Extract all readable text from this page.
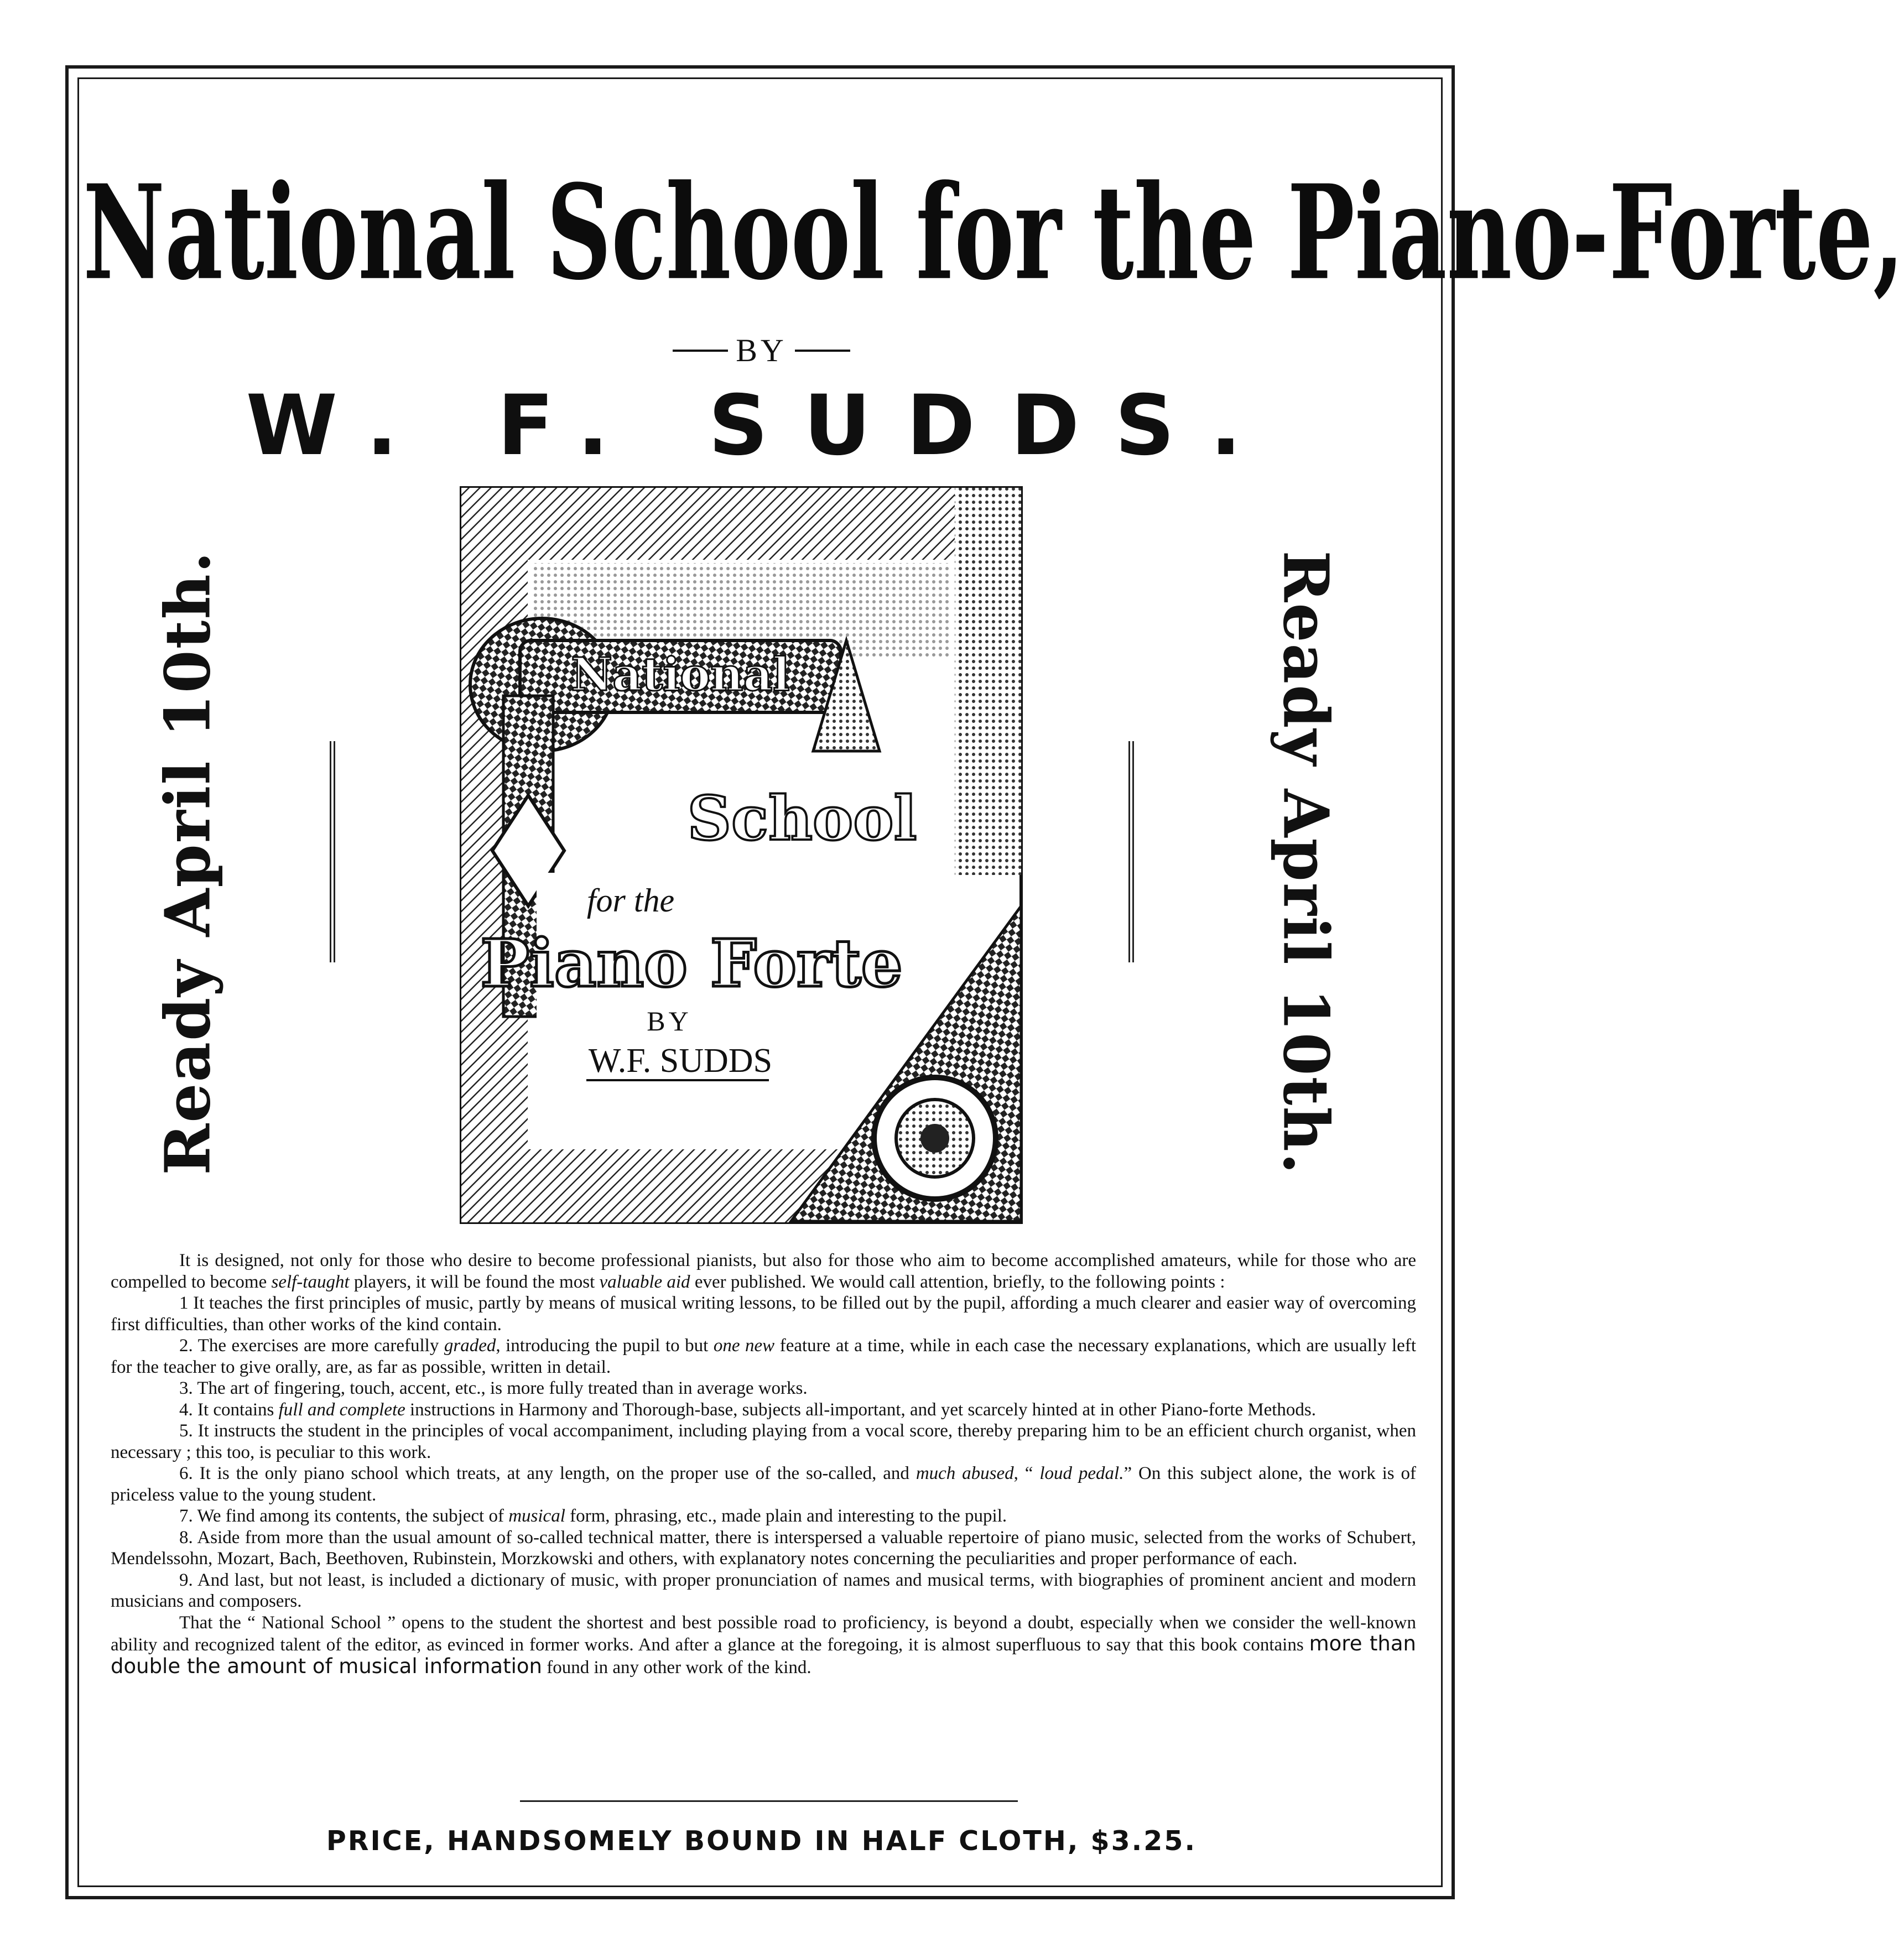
National School for the Piano-Forte,
BY
W. F. SUDDS.
Ready April 10th.	Ready April 10th.
National
School
for the
Piano Forte
BY
W.F. SUDDS

It is designed, not only for those who desire to become professional pianists, but also for those who aim to become accomplished amateurs, while for those who are compelled to become self-taught players, it will be found the most valuable aid ever published. We would call attention, briefly, to the following points :

1 It teaches the first principles of music, partly by means of musical writing lessons, to be filled out by the pupil, affording a much clearer and easier way of overcoming first difficulties, than other works of the kind contain.

2. The exercises are more carefully graded, introducing the pupil to but one new feature at a time, while in each case the necessary explanations, which are usually left for the teacher to give orally, are, as far as possible, written in detail.

3. The art of fingering, touch, accent, etc., is more fully treated than in average works.

4. It contains full and complete instructions in Harmony and Thorough-base, subjects all-important, and yet scarcely hinted at in other Piano-forte Methods.

5. It instructs the student in the principles of vocal accompaniment, including playing from a vocal score, thereby preparing him to be an efficient church organist, when necessary ; this too, is peculiar to this work.

6. It is the only piano school which treats, at any length, on the proper use of the so-called, and much abused, “ loud pedal.” On this subject alone, the work is of priceless value to the young student.

7. We find among its contents, the subject of musical form, phrasing, etc., made plain and interesting to the pupil.

8. Aside from more than the usual amount of so-called technical matter, there is interspersed a valuable repertoire of piano music, selected from the works of Schubert, Mendelssohn, Mozart, Bach, Beethoven, Rubinstein, Morzkowski and others, with explanatory notes concerning the peculiarities and proper performance of each.

9. And last, but not least, is included a dictionary of music, with proper pronunciation of names and musical terms, with biographies of prominent ancient and modern musicians and composers.

That the “ National School ” opens to the student the shortest and best possible road to proficiency, is beyond a doubt, especially when we consider the well-known ability and recognized talent of the editor, as evinced in former works. And after a glance at the foregoing, it is almost superfluous to say that this book contains more than double the amount of musical information found in any other work of the kind.

PRICE, HANDSOMELY BOUND IN HALF CLOTH, $3.25.
